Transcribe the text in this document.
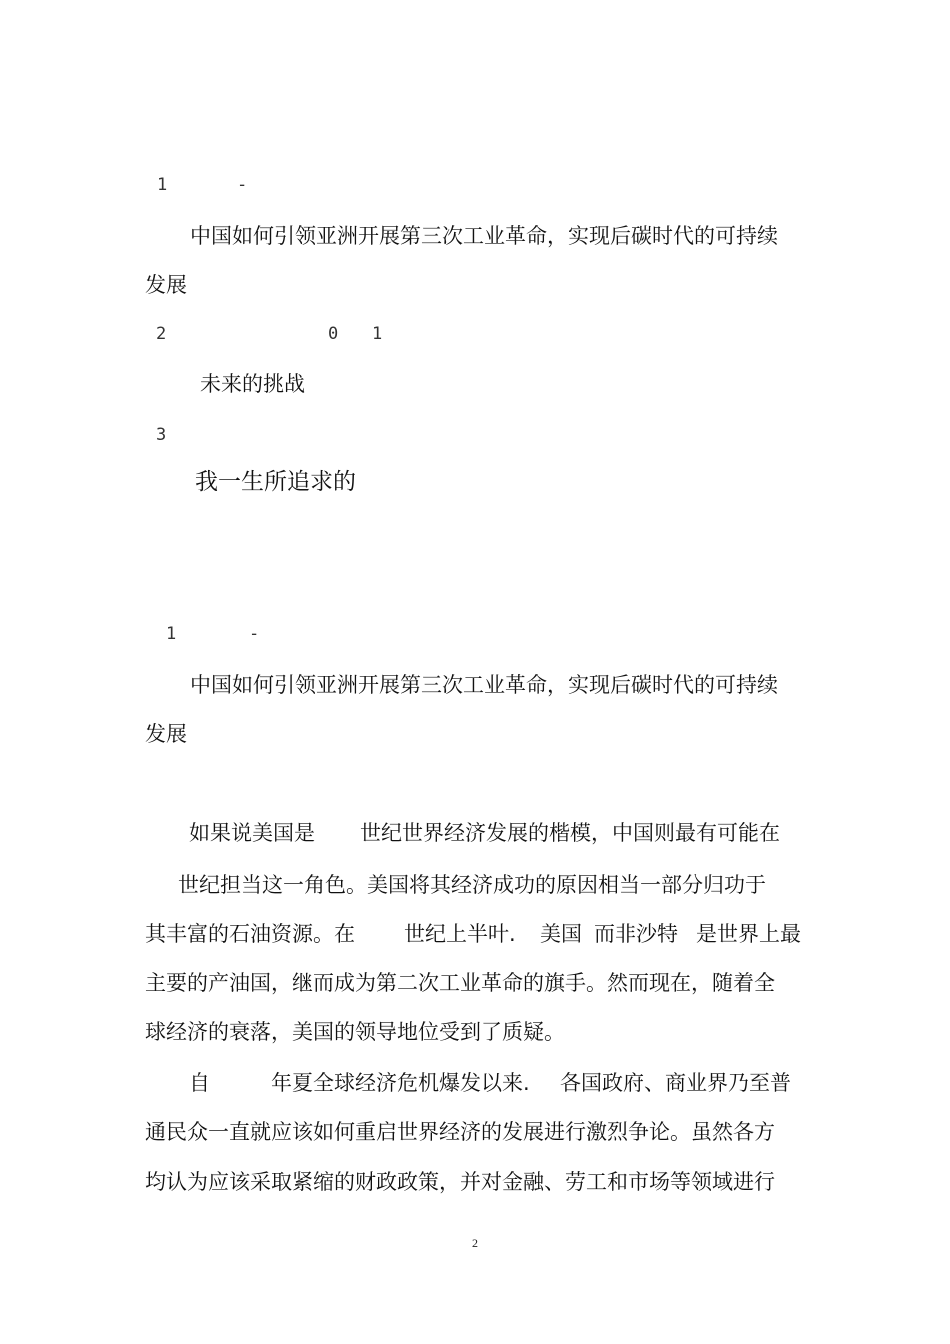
1	-
中国如何引领亚洲开展第三次工业革命，实现后碳时代的可持续
发展
2	0 1
未来的挑战
3
我一生所追求的
1	-
中国如何引领亚洲开展第三次工业革命，实现后碳时代的可持续
发展
如果说美国是 世纪世界经济发展的楷模，中国则最有可能在
世纪担当这一角色。美国将其经济成功的原因相当一部分归功于
其丰富的石油资源。在 世纪上半叶. 美国 而非沙特 是世界上最
主要的产油国，继而成为第二次工业革命的旗手。然而现在，随着全
球经济的衰落，美国的领导地位受到了质疑。
自	年夏全球经济危机爆发以来. 各国政府、商业界乃至普
通民众一直就应该如何重启世界经济的发展进行激烈争论。虽然各方
均认为应该采取紧缩的财政政策，并对金融、劳工和市场等领域进行
2
